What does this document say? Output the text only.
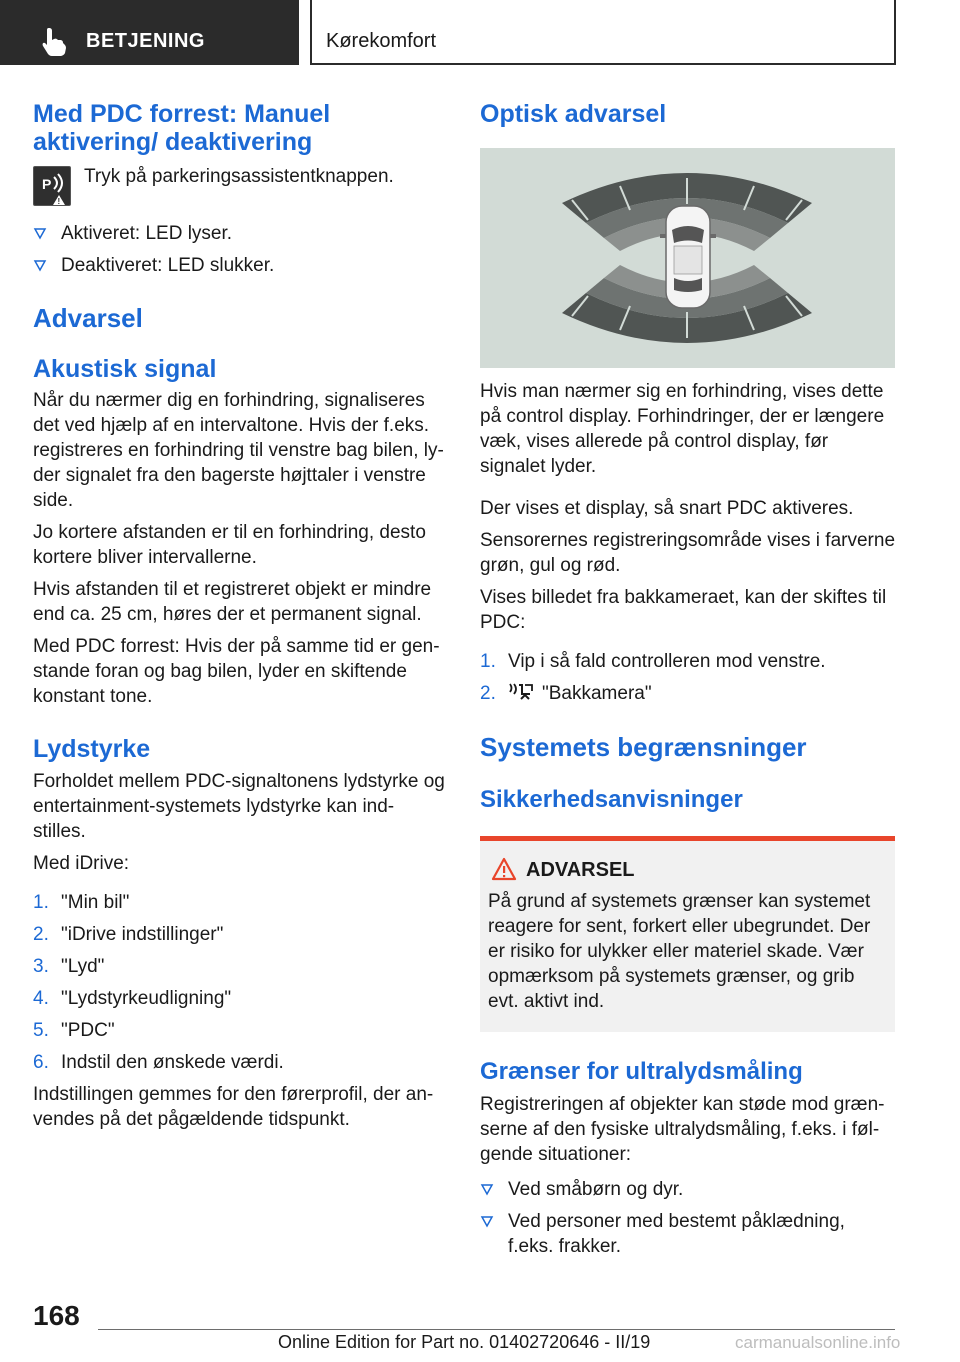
BETJENING	Kørekomfort
Med PDC forrest: Manuel aktivering/ deaktivering
P
!

Tryk på parkeringsassistentknappen.

Aktiveret: LED lyser.
Deaktiveret: LED slukker.
Advarsel
Akustisk signal

Når du nærmer dig en forhindring, signaliseres det ved hjælp af en intervaltone. Hvis der f.eks. registreres en forhindring til venstre bag bilen, ly‐ der signalet fra den bagerste højttaler i venstre side.

Jo kortere afstanden er til en forhindring, desto kortere bliver intervallerne.

Hvis afstanden til et registreret objekt er mindre end ca. 25 cm, høres der et permanent signal.

Med PDC forrest: Hvis der på samme tid er gen‐ stande foran og bag bilen, lyder en skiftende konstant tone.

Lydstyrke

Forholdet mellem PDC-signaltonens lydstyrke og entertainment-systemets lydstyrke kan ind‐ stilles.

Med iDrive:

1. "Min bil"
2. "iDrive indstillinger"
3. "Lyd"
4. "Lydstyrkeudligning"
5. "PDC"
6. Indstil den ønskede værdi.

Indstillingen gemmes for den førerprofil, der an‐ vendes på det pågældende tidspunkt.

Optisk advarsel

Hvis man nærmer sig en forhindring, vises dette på control display. Forhindringer, der er længere væk, vises allerede på control display, før signalet lyder.

Der vises et display, så snart PDC aktiveres.

Sensorernes registreringsområde vises i farverne grøn, gul og rød.

Vises billedet fra bakkameraet, kan der skiftes til PDC:

1. Vip i så fald controlleren mod venstre.
2. "Bakkamera"
Systemets begrænsninger
Sikkerhedsanvisninger
ADVARSEL

På grund af systemets grænser kan systemet reagere for sent, forkert eller ubegrundet. Der er risiko for ulykker eller materiel skade. Vær opmærksom på systemets grænser, og grib evt. aktivt ind.

Grænser for ultralydsmåling

Registreringen af objekter kan støde mod græn‐ serne af den fysiske ultralydsmåling, f.eks. i føl‐ gende situationer:

Ved småbørn og dyr.
Ved personer med bestemt påklædning, f.eks. frakker.
168
Online Edition for Part no. 01402720646 - II/19	carmanualsonline.info
